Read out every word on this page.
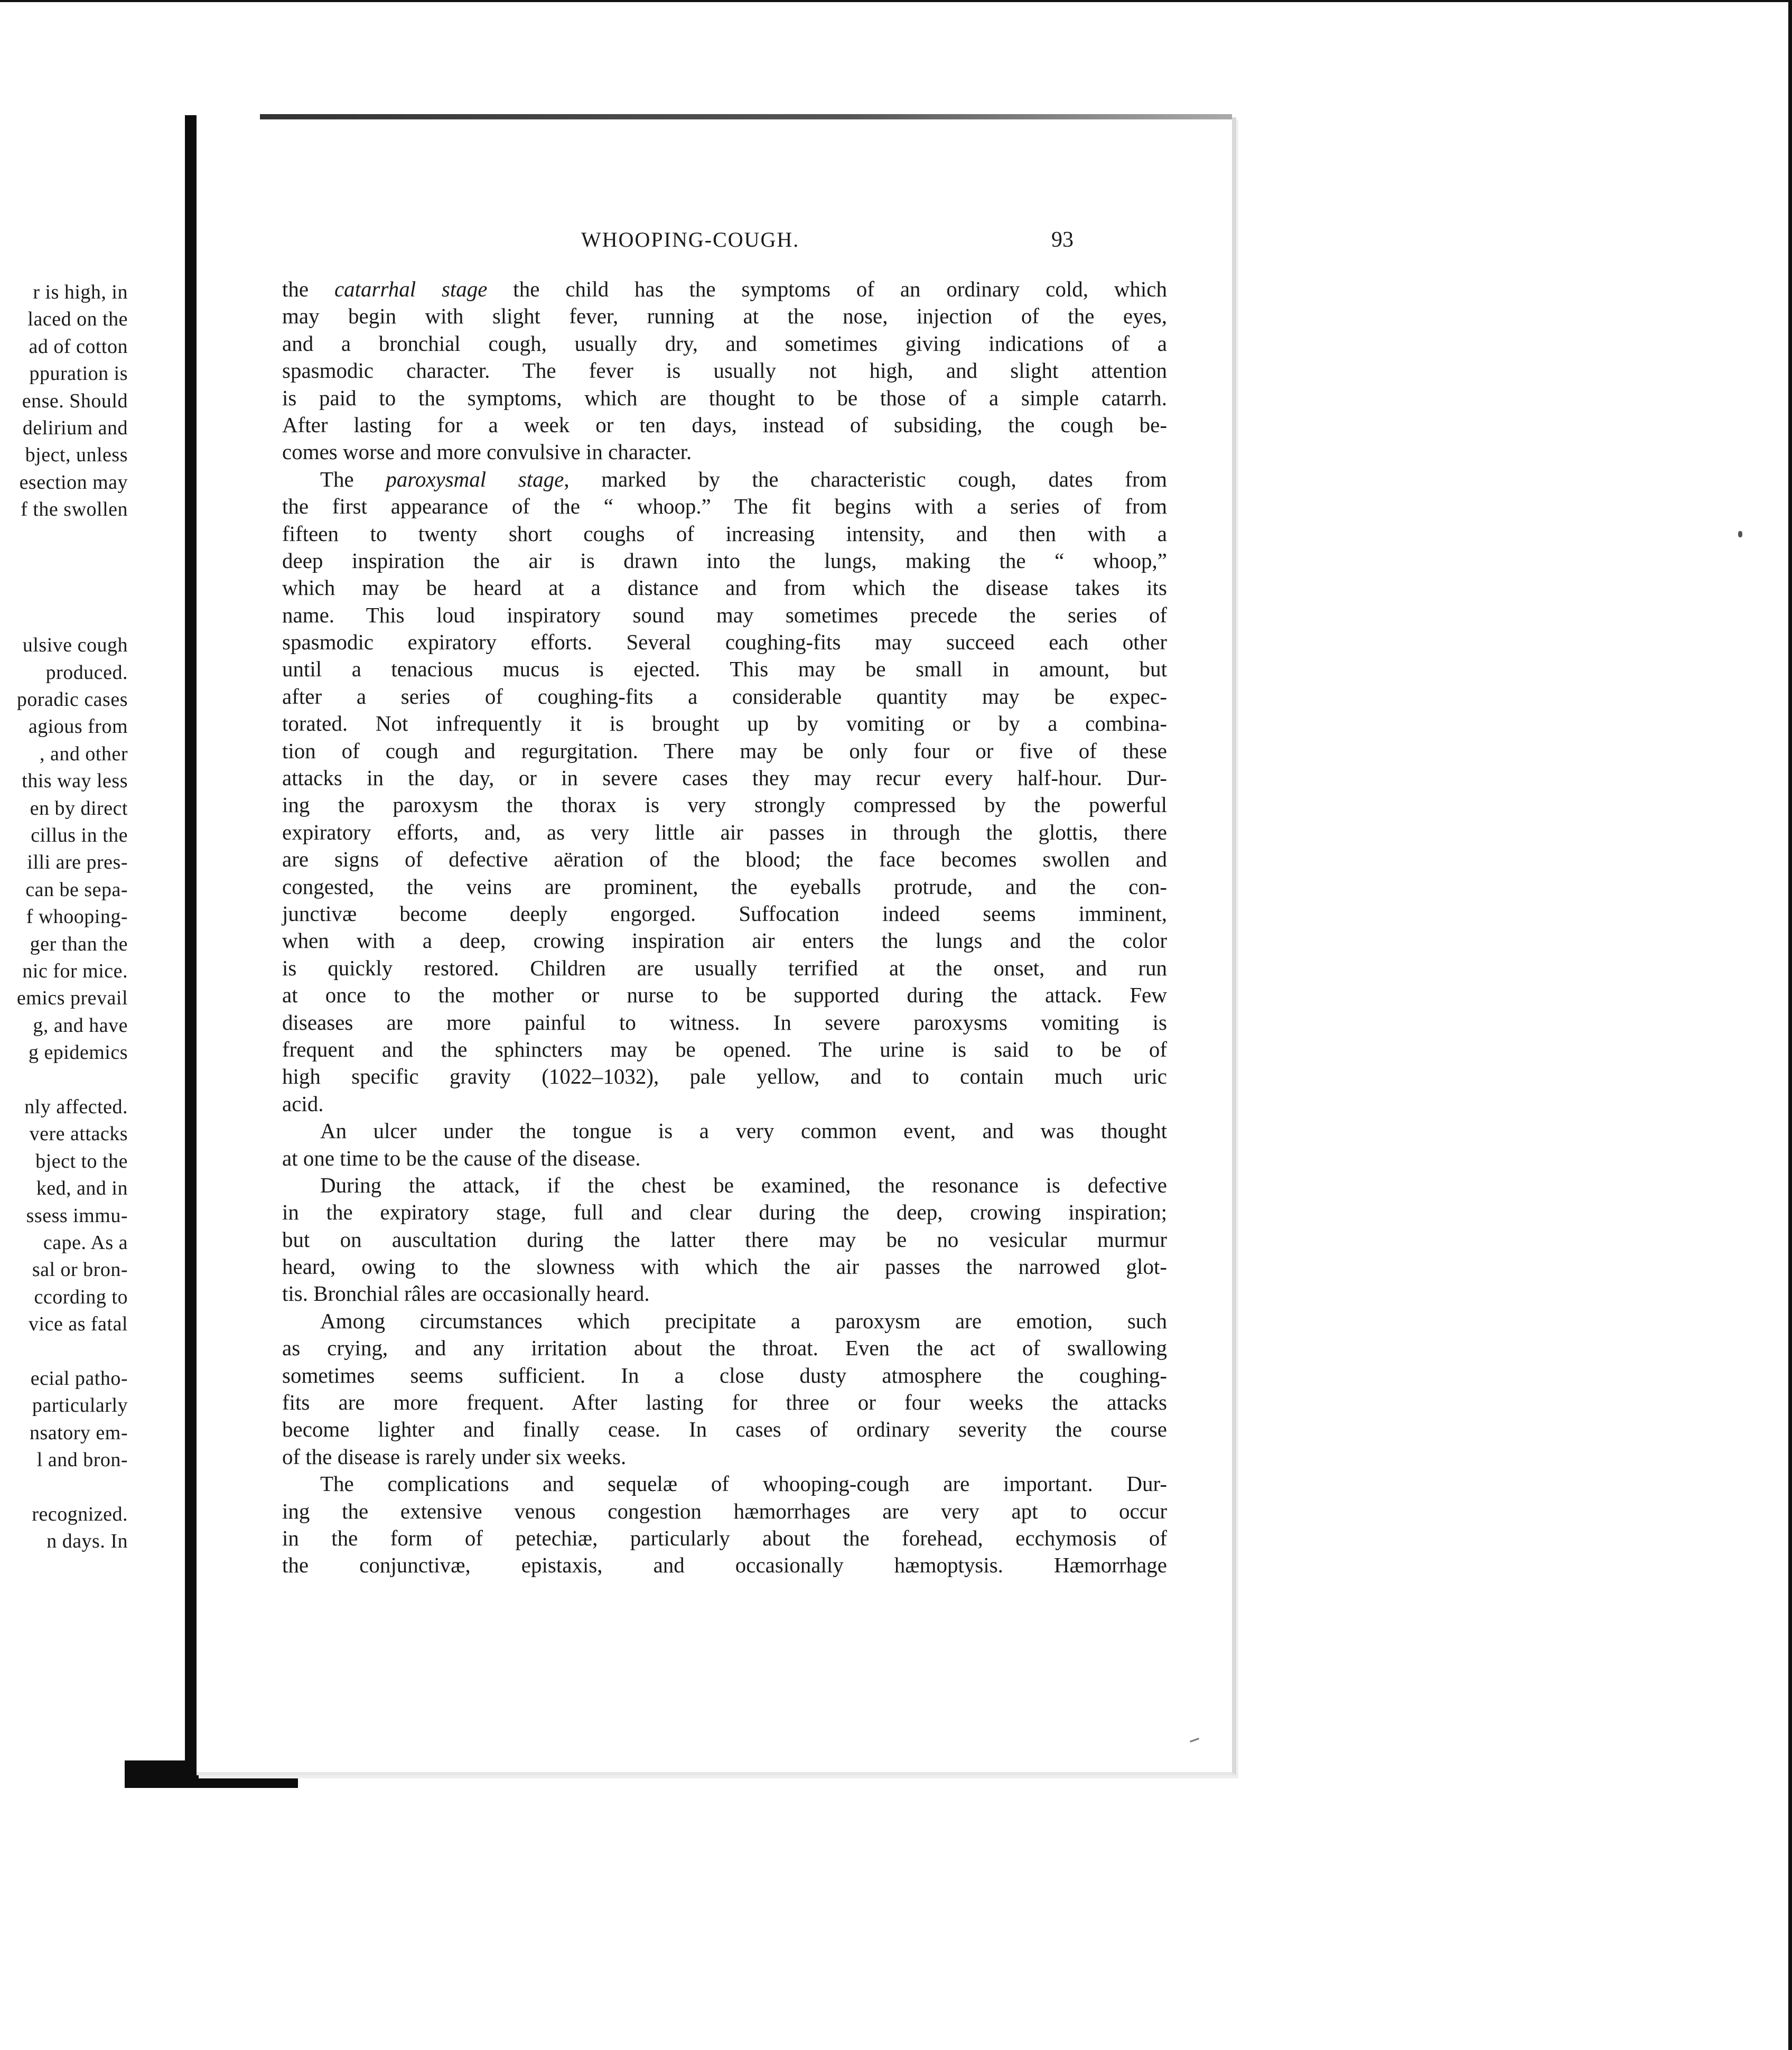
r is high, in
laced on the
ad of cotton
ppuration is
ense. Should
delirium and
bject, unless
esection may
f the swollen
ulsive cough
produced.
poradic cases
agious from
, and other
this way less
en by direct
cillus in the
illi are pres-
can be sepa-
f whooping-
ger than the
nic for mice.
emics prevail
g, and have
g epidemics
nly affected.
vere attacks
bject to the
ked, and in
ssess immu-
cape. As a
sal or bron-
ccording to
vice as fatal
ecial patho-
particularly
nsatory em-
l and bron-
recognized.
n days. In
WHOOPING-COUGH.	93
the catarrhal stage the child has the symptoms of an ordinary cold, which
may begin with slight fever, running at the nose, injection of the eyes,
and a bronchial cough, usually dry, and sometimes giving indications of a
spasmodic character. The fever is usually not high, and slight attention
is paid to the symptoms, which are thought to be those of a simple catarrh.
After lasting for a week or ten days, instead of subsiding, the cough be-
comes worse and more convulsive in character.
The paroxysmal stage, marked by the characteristic cough, dates from
the first appearance of the “ whoop.” The fit begins with a series of from
fifteen to twenty short coughs of increasing intensity, and then with a
deep inspiration the air is drawn into the lungs, making the “ whoop,”
which may be heard at a distance and from which the disease takes its
name. This loud inspiratory sound may sometimes precede the series of
spasmodic expiratory efforts. Several coughing-fits may succeed each other
until a tenacious mucus is ejected. This may be small in amount, but
after a series of coughing-fits a considerable quantity may be expec-
torated. Not infrequently it is brought up by vomiting or by a combina-
tion of cough and regurgitation. There may be only four or five of these
attacks in the day, or in severe cases they may recur every half-hour. Dur-
ing the paroxysm the thorax is very strongly compressed by the powerful
expiratory efforts, and, as very little air passes in through the glottis, there
are signs of defective aëration of the blood; the face becomes swollen and
congested, the veins are prominent, the eyeballs protrude, and the con-
junctivæ become deeply engorged. Suffocation indeed seems imminent,
when with a deep, crowing inspiration air enters the lungs and the color
is quickly restored. Children are usually terrified at the onset, and run
at once to the mother or nurse to be supported during the attack. Few
diseases are more painful to witness. In severe paroxysms vomiting is
frequent and the sphincters may be opened. The urine is said to be of
high specific gravity (1022–1032), pale yellow, and to contain much uric
acid.
An ulcer under the tongue is a very common event, and was thought
at one time to be the cause of the disease.
During the attack, if the chest be examined, the resonance is defective
in the expiratory stage, full and clear during the deep, crowing inspiration;
but on auscultation during the latter there may be no vesicular murmur
heard, owing to the slowness with which the air passes the narrowed glot-
tis. Bronchial râles are occasionally heard.
Among circumstances which precipitate a paroxysm are emotion, such
as crying, and any irritation about the throat. Even the act of swallowing
sometimes seems sufficient. In a close dusty atmosphere the coughing-
fits are more frequent. After lasting for three or four weeks the attacks
become lighter and finally cease. In cases of ordinary severity the course
of the disease is rarely under six weeks.
The complications and sequelæ of whooping-cough are important. Dur-
ing the extensive venous congestion hæmorrhages are very apt to occur
in the form of petechiæ, particularly about the forehead, ecchymosis of
the conjunctivæ, epistaxis, and occasionally hæmoptysis. Hæmorrhage
